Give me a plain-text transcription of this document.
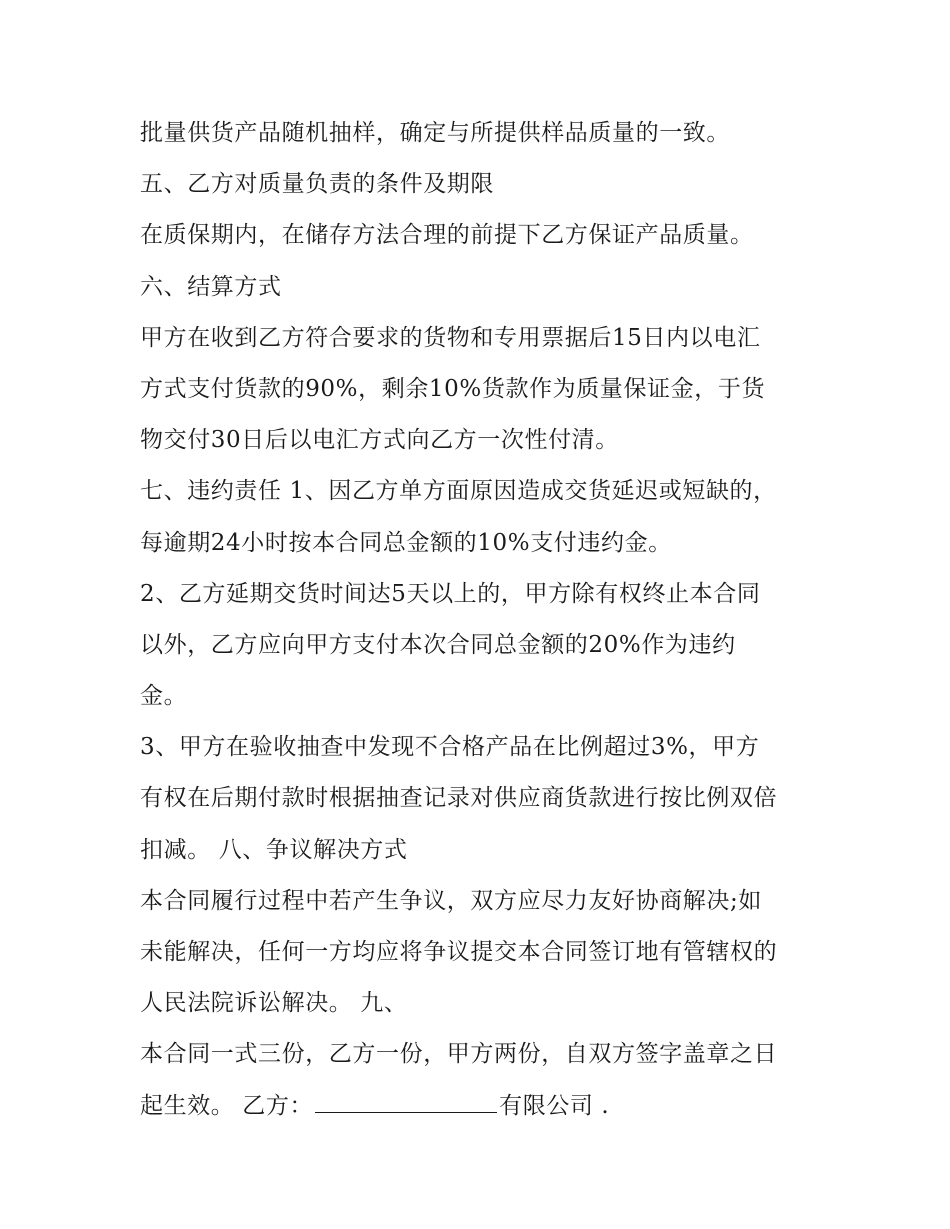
批量供货产品随机抽样，确定与所提供样品质量的一致。
五、乙方对质量负责的条件及期限
在质保期内，在储存方法合理的前提下乙方保证产品质量。
六、结算方式
甲方在收到乙方符合要求的货物和专用票据后15日内以电汇
方式支付货款的90%，剩余10%货款作为质量保证金，于货
物交付30日后以电汇方式向乙方一次性付清。
七、违约责任 1、因乙方单方面原因造成交货延迟或短缺的，
每逾期24小时按本合同总金额的10%支付违约金。
2、乙方延期交货时间达5天以上的，甲方除有权终止本合同
以外，乙方应向甲方支付本次合同总金额的20%作为违约
金。
3、甲方在验收抽查中发现不合格产品在比例超过3%，甲方
有权在后期付款时根据抽查记录对供应商货款进行按比例双倍
扣减。 八、争议解决方式
本合同履行过程中若产生争议，双方应尽力友好协商解决;如
未能解决，任何一方均应将争议提交本合同签订地有管辖权的
人民法院诉讼解决。 九、
本合同一式三份，乙方一份，甲方两份，自双方签字盖章之日
起生效。 乙方：	有限公司 .
